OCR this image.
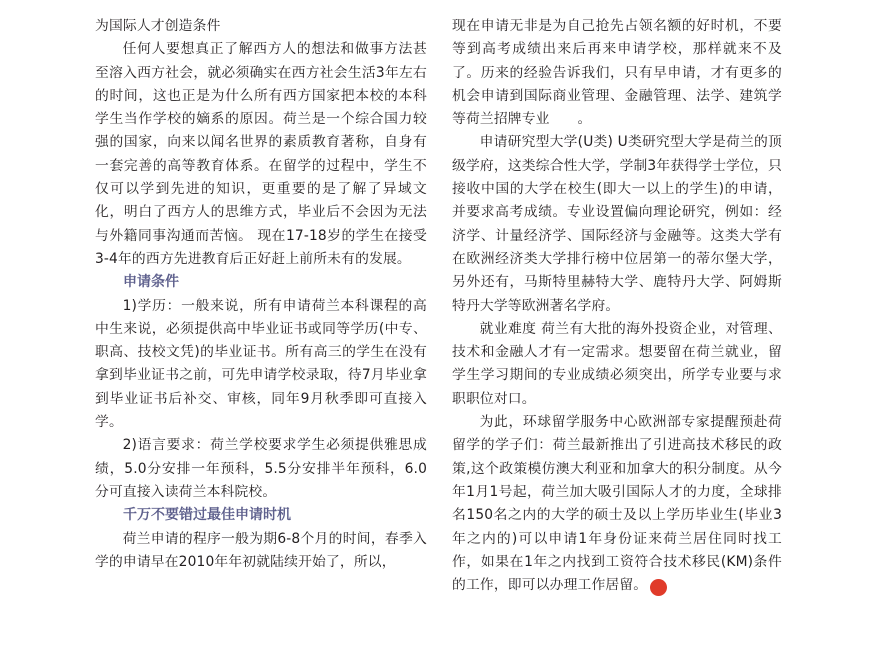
为国际人才创造条件

任何人要想真正了解西方人的想法和做事方法甚至溶入西方社会，就必须确实在西方社会生活3年左右的时间，这也正是为什么所有西方国家把本校的本科学生当作学校的嫡系的原因。荷兰是一个综合国力较强的国家，向来以闻名世界的素质教育著称，自身有一套完善的高等教育体系。在留学的过程中，学生不仅可以学到先进的知识，更重要的是了解了异域文化，明白了西方人的思维方式，毕业后不会因为无法与外籍同事沟通而苦恼。 现在17-18岁的学生在接受3-4年的西方先进教育后正好赶上前所未有的发展。

申请条件

1)学历：一般来说，所有申请荷兰本科课程的高中生来说，必须提供高中毕业证书或同等学历(中专、职高、技校文凭)的毕业证书。所有高三的学生在没有拿到毕业证书之前，可先申请学校录取，待7月毕业拿到毕业证书后补交、审核，同年9月秋季即可直接入学。

2)语言要求：荷兰学校要求学生必须提供雅思成绩，5.0分安排一年预科，5.5分安排半年预科，6.0分可直接入读荷兰本科院校。

千万不要错过最佳申请时机

荷兰申请的程序一般为期6-8个月的时间，春季入学的申请早在2010年年初就陆续开始了，所以，

现在申请无非是为自己抢先占领名额的好时机，不要等到高考成绩出来后再来申请学校，那样就来不及了。历来的经验告诉我们，只有早申请，才有更多的机会申请到国际商业管理、金融管理、法学、建筑学等荷兰招牌专业　　。

申请研究型大学(U类) U类研究型大学是荷兰的顶级学府，这类综合性大学，学制3年获得学士学位，只接收中国的大学在校生(即大一以上的学生)的申请，并要求高考成绩。专业设置偏向理论研究，例如：经济学、计量经济学、国际经济与金融等。这类大学有在欧洲经济类大学排行榜中位居第一的蒂尔堡大学，另外还有，马斯特里赫特大学、鹿特丹大学、阿姆斯特丹大学等欧洲著名学府。

就业难度 荷兰有大批的海外投资企业，对管理、技术和金融人才有一定需求。想要留在荷兰就业，留学生学习期间的专业成绩必须突出，所学专业要与求职职位对口。

为此，环球留学服务中心欧洲部专家提醒预赴荷留学的学子们：荷兰最新推出了引进高技术移民的政策,这个政策模仿澳大利亚和加拿大的积分制度。从今年1月1号起，荷兰加大吸引国际人才的力度，全球排名150名之内的大学的硕士及以上学历毕业生(毕业3年之内的)可以申请1年身份证来荷兰居住同时找工作，如果在1年之内找到工资符合技术移民(KM)条件的工作，即可以办理工作居留。 G
